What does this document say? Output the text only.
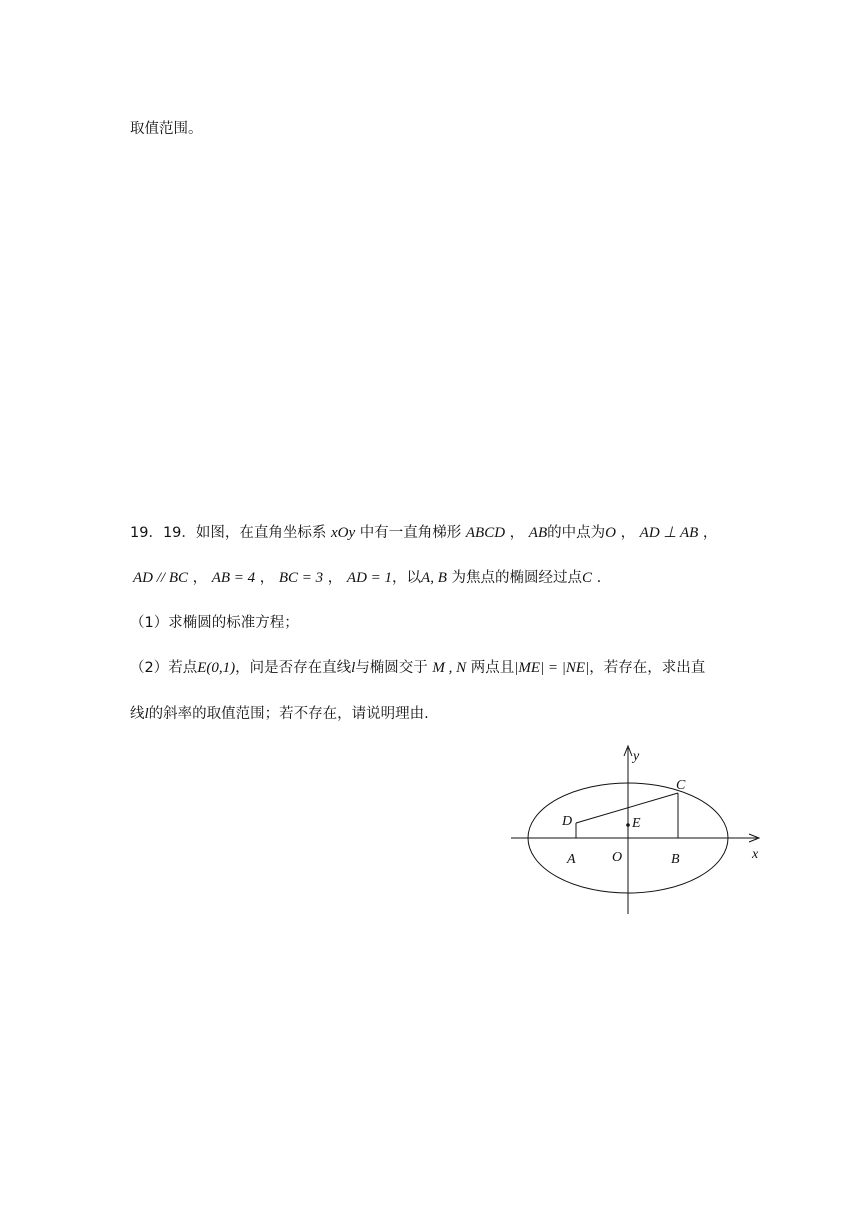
取值范围。
19．19．如图，在直角坐标系 xOy 中有一直角梯形 ABCD ， AB的中点为O ， AD ⊥ AB ，
AD // BC ， AB = 4 ， BC = 3 ， AD = 1，以A, B 为焦点的椭圆经过点C .
（1）求椭圆的标准方程；
（2）若点E(0,1)，问是否存在直线l与椭圆交于 M , N 两点且|ME| = |NE|，若存在，求出直
线l的斜率的取值范围；若不存在，请说明理由.
y
C
D	E
A	O	B	x
